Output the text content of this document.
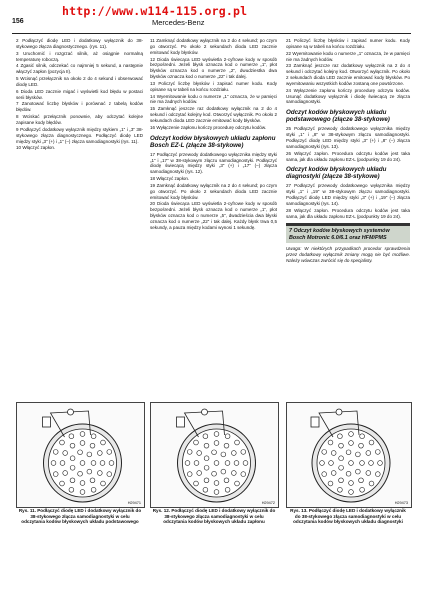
156
http://www.w114-115.org.pl
Mercedes-Benz

2 Podłączyć diodę LED i dodatkowy wyłącznik do 38-stykowego złącza diagnostycznego. (rys. 11).

3 Uruchomić i rozgrzać silnik, aż osiągnie normalną temperaturę roboczą.

4 Zgasić silnik, odczekać co najmniej 5 sekund, a następnie włączyć zapłon (pozycja II).

5 Wcisnąć przełącznik na około 2 do 4 sekund i obserwować diodę LED.

6 Dioda LED zacznie migać i wyświetli kod błędu w postaci serii błysków.

7 Zanotować liczbę błysków i porównać z tabelą kodów błędów.

8 Wciskać przełącznik ponownie, aby odczytać kolejne zapisane kody błędów.

9 Podłączyć dodatkowy wyłącznik między stykiem „1” i „3” 38-stykowego złącza diagnostycznego. Podłączyć diodę LED między styki „3” (+) i „1” (–) złącza samodiagnostyki (rys. 11).

10 Włączyć zapłon.

11 Zamknąć dodatkowy wyłącznik na 2 do 4 sekund; po czym go otworzyć. Po około 2 sekundach dioda LED zacznie emitować kody błysków.

12 Dioda świecąca LED wyświetla 2-cyfrowe kody w sposób bezpośredni. Jeżeli błysk oznacza kod o numerze „1”, płot błysków oznacza kod o numerze „2”, dwudziestka dwa błysków oznacza kod o numerze „22” i tak dalej.

13 Policzyć liczbę błysków i zapisać numer kodu. Kody opisane są w tabeli na końcu rozdziału.

14 Wyemitowanie kodu o numerze „1” oznacza, że w pamięci nie ma żadnych kodów.

15 Zamknąć jeszcze raz dodatkowy wyłącznik na 2 do 4 sekund i odczytać kolejny kod. Otworzyć wyłącznik. Po około 2 sekundach dioda LED zacznie emitować kody błysków.

16 Wyłączenie zapłonu kończy procedurę odczytu kodów.

Odczyt kodów błyskowych układu zapłonu Bosch EZ-L (złącze 38-stykowe)

17 Podłączyć przewody dodatkowego wyłącznika między styki „1” i „17” w 38-stykowym złączu samodiagnostyki. Podłączyć diodę świecącą między styki „3” (+) i „17” (–) złącza samodiagnostyki (rys. 12).

18 Włączyć zapłon.

19 Zamknąć dodatkowy wyłącznik na 2 do 4 sekund; po czym go otworzyć. Po około 2 sekundach dioda LED zacznie emitować kody błysków.

20 Dioda świecąca LED wyświetla 2-cyfrowe kody w sposób bezpośredni. Jeżeli błysk oznacza kod o numerze „1”, płot błysków oznacza kod o numerze „5”, dwadzieścia dwa błyski oznacza kod o numerze „22” i tak dalej. Każdy błysk trwa 0,5 sekundy, a pauza między kodami wynosi 1 sekundę.

21 Policzyć liczbę błysków i zapisać numer kodu. Kody opisane są w tabeli na końcu rozdziału.

22 Wyemitowanie kodu o numerze „1” oznacza, że w pamięci nie ma żadnych kodów.

23 Zamknąć jeszcze raz dodatkowy wyłącznik na 2 do 4 sekund i odczytać kolejny kod. Otworzyć wyłącznik. Po około 2 sekundach dioda LED zacznie emitować kody błysków. Po wyemitowaniu wszystkich kodów zostaną one powtórzone.

24 Wyłączenie zapłonu kończy procedurę odczytu kodów. Usunąć dodatkowy wyłącznik i diodę świecącą ze złącza samodiagnostyki.

Odczyt kodów błyskowych układu podstawowego (złącze 38-stykowe)

25 Podłączyć przewody dodatkowego wyłącznika między styki „1” i „8” w 38-stykowym złączu samodiagnostyki. Podłączyć diodę LED między styki „3” (+) i „8” (–) złącza samodiagnostyki (rys. 13).

26 Włączyć zapłon. Procedura odczytu kodów jest taka sama, jak dla układu zapłonu EZ-L (podpunkty 19 do 24).

Odczyt kodów błyskowych układu diagnostyki (złącze 38-stykowe)

27 Podłączyć przewody dodatkowego wyłącznika między styki „1” i „19” w 38-stykowym złączu samodiagnostyki. Podłączyć diodę LED między styki „3” (+) i „19” (–) złącza samodiagnostyki (rys. 14).

28 Włączyć zapłon. Procedura odczytu kodów jest taka sama, jak dla układu zapłonu EZ-L (podpunkty 19 do 24).

7 Odczyt kodów błyskowych systemów Bosch Motronic 6.0/6.1 oraz HFM/PMS

Uwaga: W niektórych przypadkach procedur sprawdzenia przez dodatkowy wyłącznik zmiany mogą nie być możliwe. Należy wówczas zwrócić się do specjalisty.

H29471	H29472	H29473
Rys. 11. Podłączyć diodę LED i dodatkowy wyłącznik do 38-stykowego złącza samodiagnostyki w celu odczytania kodów błyskowych układu podstawowego
Rys. 12. Podłączyć diodę LED i dodatkowy wyłącznik do 38-stykowego złącza samodiagnostyki w celu odczytania kodów błyskowych układu zapłonu
Rys. 13. Podłączyć diodę LED i dodatkowy wyłącznik do 38-stykowego złącza samodiagnostyki w celu odczytania kodów błyskowych układu diagnostyki
